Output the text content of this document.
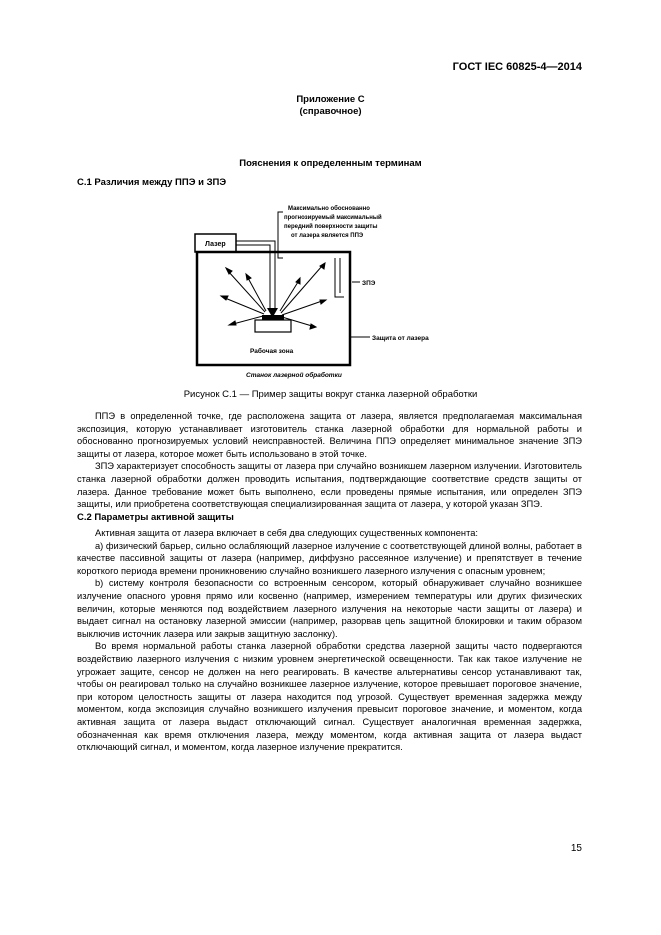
ГОСТ IEC 60825-4—2014
Приложение С
(справочное)
Пояснения к определенным терминам
С.1 Различия между ППЭ и ЗПЭ
Лазер
Рабочая зона
Максимально обоснованно
прогнозируемый максимальный
передний поверхности защиты
от лазера является ППЭ
ЗПЭ
Защита от лазера
Станок лазерной обработки
Рисунок С.1 — Пример защиты вокруг станка лазерной обработки

ППЭ в определенной точке, где расположена защита от лазера, является предполагаемая максимальная экспозиция, которую устанавливает изготовитель станка лазерной обработки для нормальной работы и обоснованно прогнозируемых условий неисправностей. Величина ППЭ определяет минимальное значение ЗПЭ защиты от лазера, которое может быть использовано в этой точке.

ЗПЭ характеризует способность защиты от лазера при случайно возникшем лазерном излучении. Изготовитель станка лазерной обработки должен проводить испытания, подтверждающие соответствие средств защиты от лазера. Данное требование может быть выполнено, если проведены прямые испытания, или определен ЗПЭ защиты, или приобретена соответствующая специализированная защита от лазера, у которой указан ЗПЭ.

С.2 Параметры активной защиты

Активная защита от лазера включает в себя два следующих существенных компонента:

a) физический барьер, сильно ослабляющий лазерное излучение с соответствующей длиной волны, работает в качестве пассивной защиты от лазера (например, диффузно рассеянное излучение) и препятствует в течение короткого периода времени проникновению случайно возникшего лазерного излучения с опасным уровнем;

b) систему контроля безопасности со встроенным сенсором, который обнаруживает случайно возникшее излучение опасного уровня прямо или косвенно (например, измерением температуры или других физических величин, которые меняются под воздействием лазерного излучения на некоторые части защиты от лазера) и выдает сигнал на остановку лазерной эмиссии (например, разорвав цепь защитной блокировки и таким образом выключив источник лазера или закрыв защитную заслонку).

Во время нормальной работы станка лазерной обработки средства лазерной защиты часто подвергаются воздействию лазерного излучения с низким уровнем энергетической освещенности. Так как такое излучение не угрожает защите, сенсор не должен на него реагировать. В качестве альтернативы сенсор устанавливают так, чтобы он реагировал только на случайно возникшее лазерное излучение, которое превышает пороговое значение, при котором целостность защиты от лазера находится под угрозой. Существует временная задержка между моментом, когда экспозиция случайно возникшего излучения превысит пороговое значение, и моментом, когда активная защита от лазера выдаст отключающий сигнал. Существует аналогичная временная задержка, обозначенная как время отключения лазера, между моментом, когда активная защита от лазера выдаст отключающий сигнал, и моментом, когда лазерное излучение прекратится.

15
